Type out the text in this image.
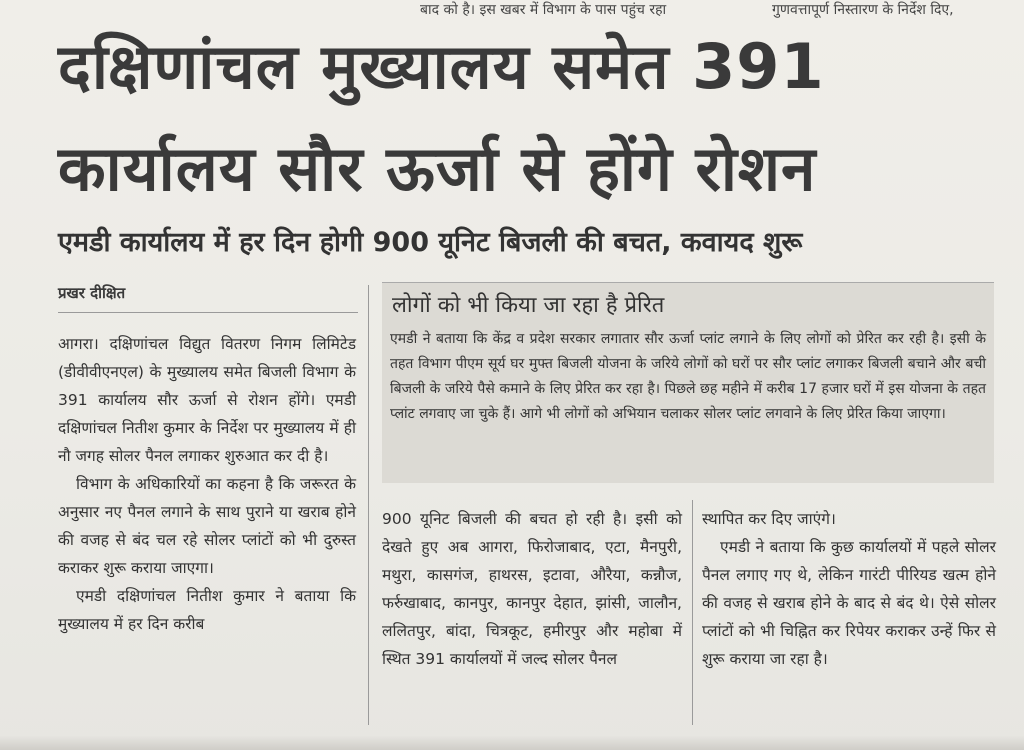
बाद को है। इस खबर में विभाग के पास पहुंच रहा	गुणवत्तापूर्ण निस्तारण के निर्देश दिए,
दक्षिणांचल मुख्यालय समेत 391
कार्यालय सौर ऊर्जा से होंगे रोशन
एमडी कार्यालय में हर दिन होगी 900 यूनिट बिजली की बचत, कवायद शुरू
प्रखर दीक्षित

आगरा। दक्षिणांचल विद्युत वितरण निगम लिमिटेड (डीवीवीएनएल) के मुख्यालय समेत बिजली विभाग के 391 कार्यालय सौर ऊर्जा से रोशन होंगे। एमडी दक्षिणांचल नितीश कुमार के निर्देश पर मुख्यालय में ही नौ जगह सोलर पैनल लगाकर शुरुआत कर दी है।

विभाग के अधिकारियों का कहना है कि जरूरत के अनुसार नए पैनल लगाने के साथ पुराने या खराब होने की वजह से बंद चल रहे सोलर प्लांटों को भी दुरुस्त कराकर शुरू कराया जाएगा।

एमडी दक्षिणांचल नितीश कुमार ने बताया कि मुख्यालय में हर दिन करीब

लोगों को भी किया जा रहा है प्रेरित
एमडी ने बताया कि केंद्र व प्रदेश सरकार लगातार सौर ऊर्जा प्लांट लगाने के लिए लोगों को प्रेरित कर रही है। इसी के तहत विभाग पीएम सूर्य घर मुफ्त बिजली योजना के जरिये लोगों को घरों पर सौर प्लांट लगाकर बिजली बचाने और बची बिजली के जरिये पैसे कमाने के लिए प्रेरित कर रहा है। पिछले छह महीने में करीब 17 हजार घरों में इस योजना के तहत प्लांट लगवाए जा चुके हैं। आगे भी लोगों को अभियान चलाकर सोलर प्लांट लगवाने के लिए प्रेरित किया जाएगा।

900 यूनिट बिजली की बचत हो रही है। इसी को देखते हुए अब आगरा, फिरोजाबाद, एटा, मैनपुरी, मथुरा, कासगंज, हाथरस, इटावा, औरैया, कन्नौज, फर्रुखाबाद, कानपुर, कानपुर देहात, झांसी, जालौन, ललितपुर, बांदा, चित्रकूट, हमीरपुर और महोबा में स्थित 391 कार्यालयों में जल्द सोलर पैनल

स्थापित कर दिए जाएंगे।

एमडी ने बताया कि कुछ कार्यालयों में पहले सोलर पैनल लगाए गए थे, लेकिन गारंटी पीरियड खत्म होने की वजह से खराब होने के बाद से बंद थे। ऐसे सोलर प्लांटों को भी चिह्नित कर रिपेयर कराकर उन्हें फिर से शुरू कराया जा रहा है।
